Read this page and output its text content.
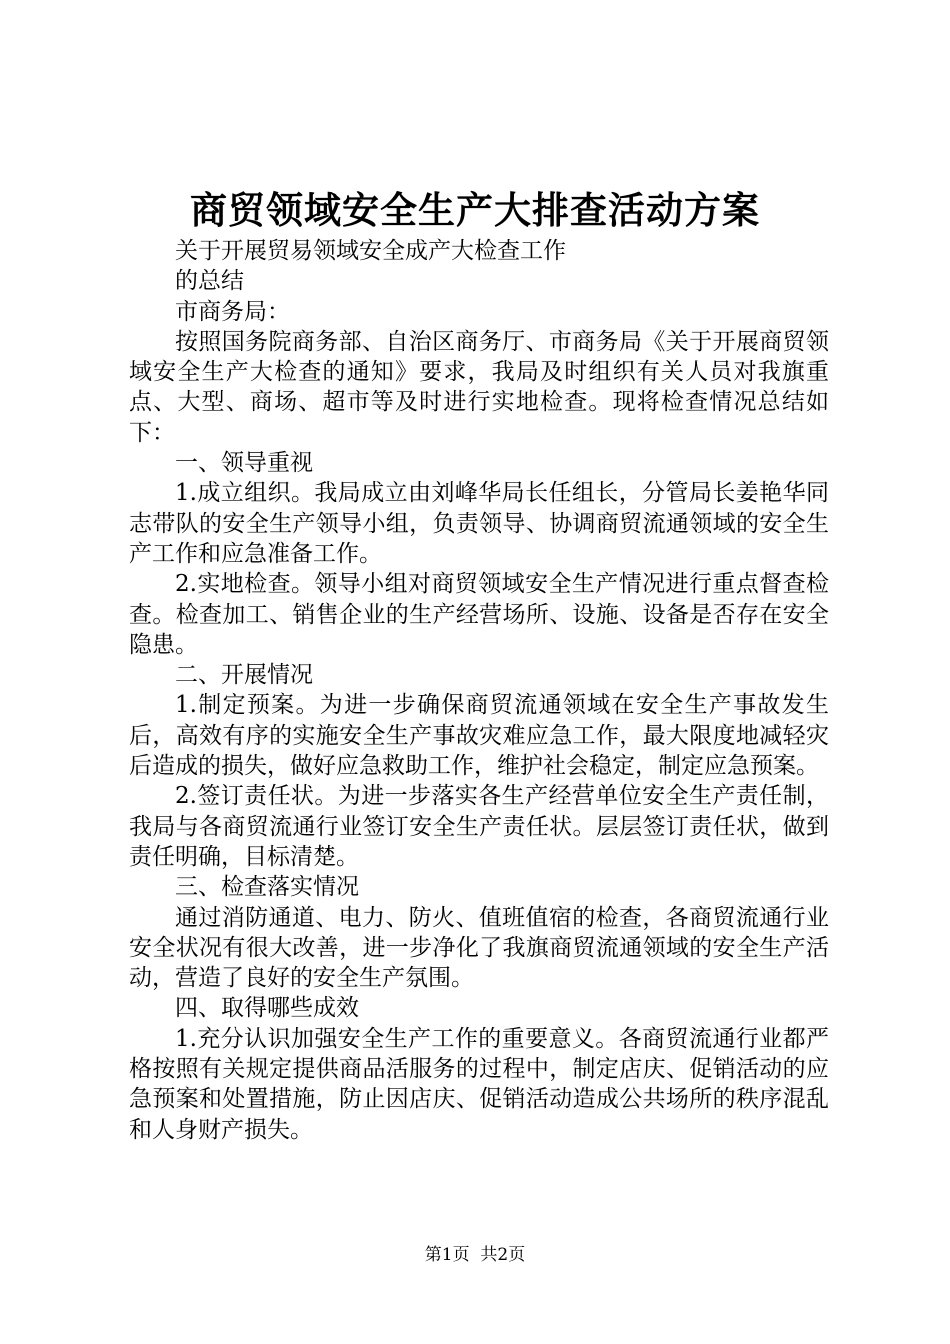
商贸领域安全生产大排查活动方案

关于开展贸易领域安全成产大检查工作

的总结

市商务局：

按照国务院商务部、自治区商务厅、市商务局《关于开展商贸领域安全生产大检查的通知》要求，我局及时组织有关人员对我旗重点、大型、商场、超市等及时进行实地检查。现将检查情况总结如下：

一、领导重视

1.成立组织。我局成立由刘峰华局长任组长，分管局长姜艳华同志带队的安全生产领导小组，负责领导、协调商贸流通领域的安全生产工作和应急准备工作。

2.实地检查。领导小组对商贸领域安全生产情况进行重点督查检查。检查加工、销售企业的生产经营场所、设施、设备是否存在安全隐患。

二、开展情况

1.制定预案。为进一步确保商贸流通领域在安全生产事故发生后，高效有序的实施安全生产事故灾难应急工作，最大限度地减轻灾后造成的损失，做好应急救助工作，维护社会稳定，制定应急预案。

2.签订责任状。为进一步落实各生产经营单位安全生产责任制，我局与各商贸流通行业签订安全生产责任状。层层签订责任状，做到责任明确，目标清楚。

三、检查落实情况

通过消防通道、电力、防火、值班值宿的检查，各商贸流通行业安全状况有很大改善，进一步净化了我旗商贸流通领域的安全生产活动，营造了良好的安全生产氛围。

四、取得哪些成效

1.充分认识加强安全生产工作的重要意义。各商贸流通行业都严格按照有关规定提供商品活服务的过程中，制定店庆、促销活动的应急预案和处置措施，防止因店庆、促销活动造成公共场所的秩序混乱和人身财产损失。

第1页  共2页
